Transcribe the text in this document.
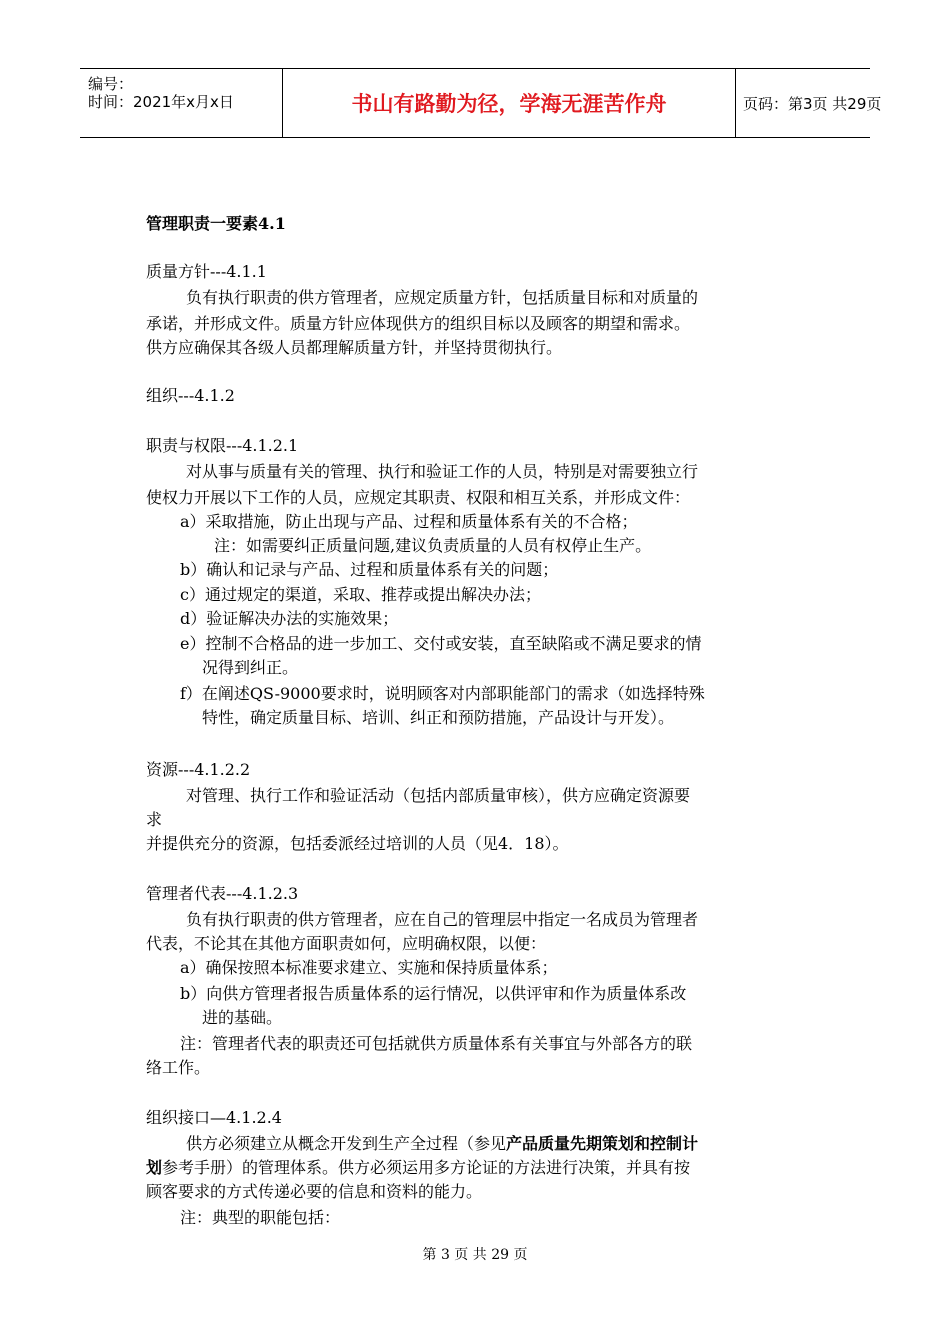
编号：
时间：2021年x月x日	书山有路勤为径，学海无涯苦作舟	页码：第3页 共29页
管理职责一要素4.1
质量方针---4.1.1
负有执行职责的供方管理者，应规定质量方针，包括质量目标和对质量的
承诺，并形成文件。质量方针应体现供方的组织目标以及顾客的期望和需求。
供方应确保其各级人员都理解质量方针，并坚持贯彻执行。
组织---4.1.2
职责与权限---4.1.2.1
对从事与质量有关的管理、执行和验证工作的人员，特别是对需要独立行
使权力开展以下工作的人员，应规定其职责、权限和相互关系，并形成文件：
a）采取措施，防止出现与产品、过程和质量体系有关的不合格；
注：如需要纠正质量问题,建议负责质量的人员有权停止生产。
b）确认和记录与产品、过程和质量体系有关的问题；
c）通过规定的渠道，采取、推荐或提出解决办法；
d）验证解决办法的实施效果；
e）控制不合格品的进一步加工、交付或安装，直至缺陷或不满足要求的情
况得到纠正。
f）在阐述QS-9000要求时，说明顾客对内部职能部门的需求（如选择特殊
特性，确定质量目标、培训、纠正和预防措施，产品设计与开发）。
资源---4.1.2.2
对管理、执行工作和验证活动（包括内部质量审核），供方应确定资源要
求
并提供充分的资源，包括委派经过培训的人员（见4．18）。
管理者代表---4.1.2.3
负有执行职责的供方管理者，应在自己的管理层中指定一名成员为管理者
代表，不论其在其他方面职责如何，应明确权限，以便：
a）确保按照本标准要求建立、实施和保持质量体系；
b）向供方管理者报告质量体系的运行情况，以供评审和作为质量体系改
进的基础。
注：管理者代表的职责还可包括就供方质量体系有关事宜与外部各方的联
络工作。
组织接口—4.1.2.4
供方必须建立从概念开发到生产全过程（参见产品质量先期策划和控制计
划参考手册）的管理体系。供方必须运用多方论证的方法进行决策，并具有按
顾客要求的方式传递必要的信息和资料的能力。
注：典型的职能包括：
第 3 页 共 29 页
